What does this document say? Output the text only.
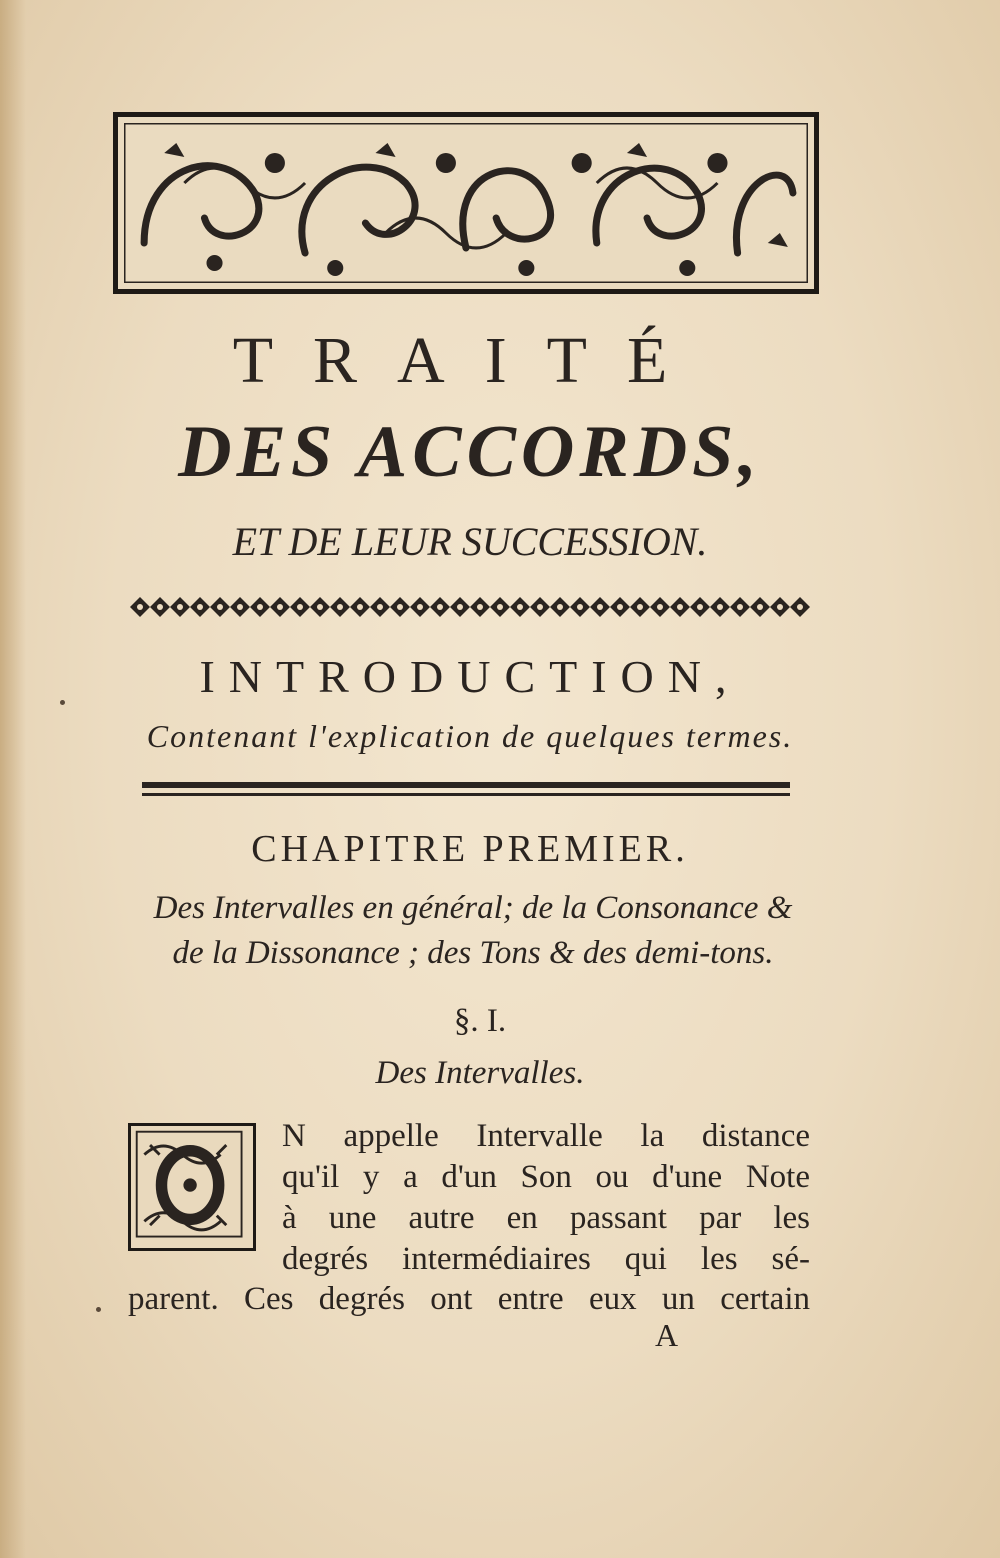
TRAITÉ
DES ACCORDS,
ET DE LEUR SUCCESSION.
INTRODUCTION,
Contenant l'explication de quelques termes.
CHAPITRE PREMIER.
Des Intervalles en général; de la Consonance &
de la Dissonance ; des Tons & des demi-tons.
§. I.
Des Intervalles.
N appelle Intervalle la distance
qu'il y a d'un Son ou d'une Note
à une autre en passant par les
degrés intermédiaires qui les sé-
parent. Ces degrés ont entre eux un certain
A
